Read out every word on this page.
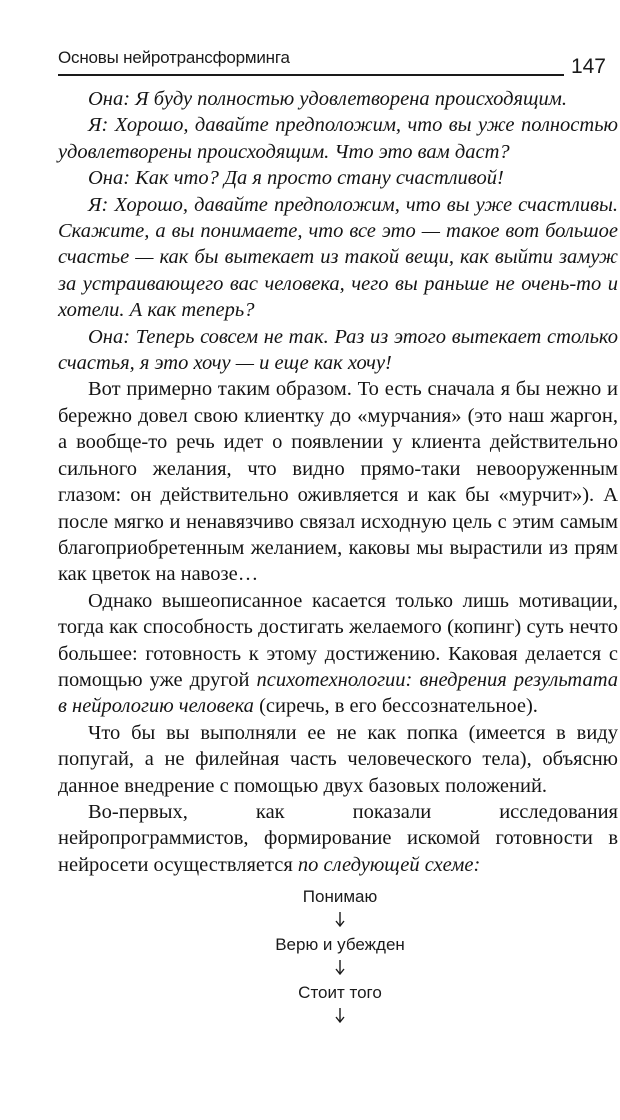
Основы нейротрансформинга	147

Она: Я буду полностью удовлетворена происходящим.

Я: Хорошо, давайте предположим, что вы уже полностью удовлетворены происходящим. Что это вам даст?

Она: Как что? Да я просто стану счастливой!

Я: Хорошо, давайте предположим, что вы уже счастливы. Скажите, а вы понимаете, что все это — такое вот большое счастье — как бы вытекает из такой вещи, как выйти замуж за устраивающего вас человека, чего вы раньше не очень-то и хотели. А как теперь?

Она: Теперь совсем не так. Раз из этого вытекает столько счастья, я это хочу — и еще как хочу!

Вот примерно таким образом. То есть сначала я бы нежно и бережно довел свою клиентку до «мурчания» (это наш жаргон, а вообще-то речь идет о появлении у клиента действительно сильного желания, что видно прямо-таки невооруженным глазом: он действительно оживляется и как бы «мурчит»). А после мягко и ненавязчиво связал исходную цель с этим самым благоприобретенным желанием, каковы мы вырастили из прям как цветок на навозе…

Однако вышеописанное касается только лишь мотивации, тогда как способность достигать желаемого (копинг) суть нечто большее: готовность к этому достижению. Каковая делается с помощью уже другой психотехнологии: внедрения результата в нейрологию человека (сиречь, в его бессознательное).

Что бы вы выполняли ее не как попка (имеется в виду попугай, а не филейная часть человеческого тела), объясню данное внедрение с помощью двух базовых положений.

Во-первых, как показали исследования нейропрограммистов, формирование искомой готовности в нейросети осуществляется по следующей схеме:

Понимаю
Верю и убежден
Стоит того
